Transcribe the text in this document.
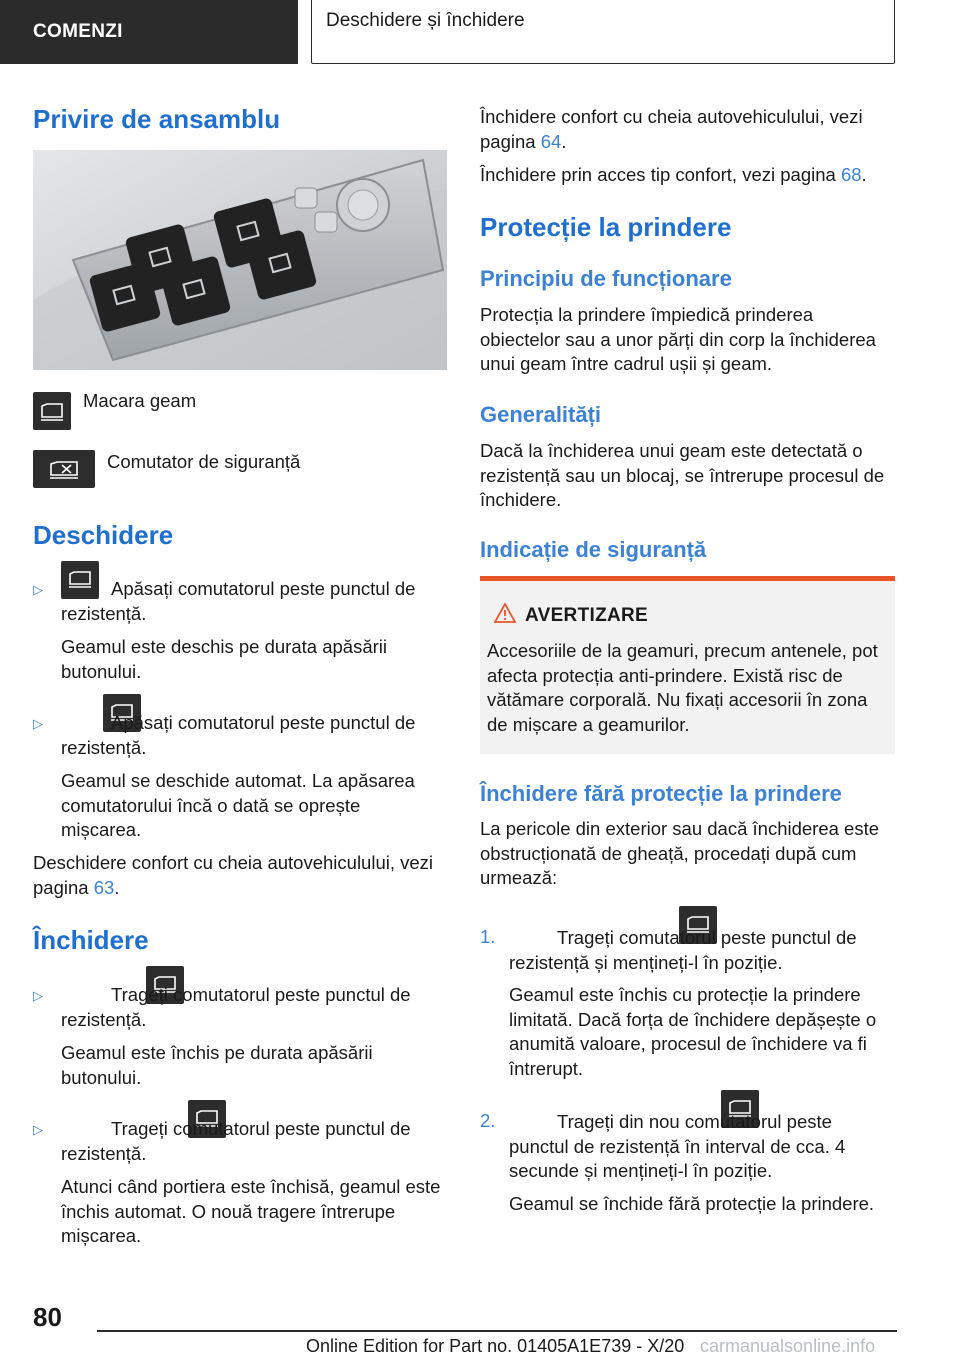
COMENZI
Deschidere și închidere
Privire de ansamblu

Macara geam

Comutator de siguranță

Deschidere
▷
	Apăsați comutatorul peste punctul de rezistență.

Geamul este deschis pe durata apăsării butonului.

▷
	Apăsați comutatorul peste punctul de rezistență.

Geamul se deschide automat. La apăsarea comutatorului încă o dată se oprește mișcarea.

Deschidere confort cu cheia autovehiculului, vezi pagina 63.

Închidere
▷
	Trageți comutatorul peste punctul de rezistență.

Geamul este închis pe durata apăsării butonului.

▷
	Trageți comutatorul peste punctul de rezistență.

Atunci când portiera este închisă, geamul este închis automat. O nouă tragere întrerupe mișcarea.

Închidere confort cu cheia autovehiculului, vezi pagina 64.

Închidere prin acces tip confort, vezi pagina 68.

Protecție la prindere
Principiu de funcționare

Protecția la prindere împiedică prinderea obiectelor sau a unor părți din corp la închiderea unui geam între cadrul ușii și geam.

Generalități

Dacă la închiderea unui geam este detectată o rezistență sau un blocaj, se întrerupe procesul de închidere.

Indicație de siguranță
AVERTIZARE

Accesoriile de la geamuri, precum antenele, pot afecta protecția anti-prindere. Există risc de vătămare corporală. Nu fixați accesorii în zona de mișcare a geamurilor.

Închidere fără protecție la prindere

La pericole din exterior sau dacă închiderea este obstrucționată de gheață, procedați după cum urmează:

1.
	Trageți comutatorul peste punctul de rezistență și mențineți-l în poziție.

Geamul este închis cu protecție la prindere limitată. Dacă forța de închidere depășește o anumită valoare, procesul de închidere va fi întrerupt.

2.	Trageți din nou comutatorul peste punctul de rezistență în interval de cca. 4 secunde și mențineți-l în poziție.

Geamul se închide fără protecție la prindere.

80
Online Edition for Part no. 01405A1E739 - X/20 carmanualsonline.info
